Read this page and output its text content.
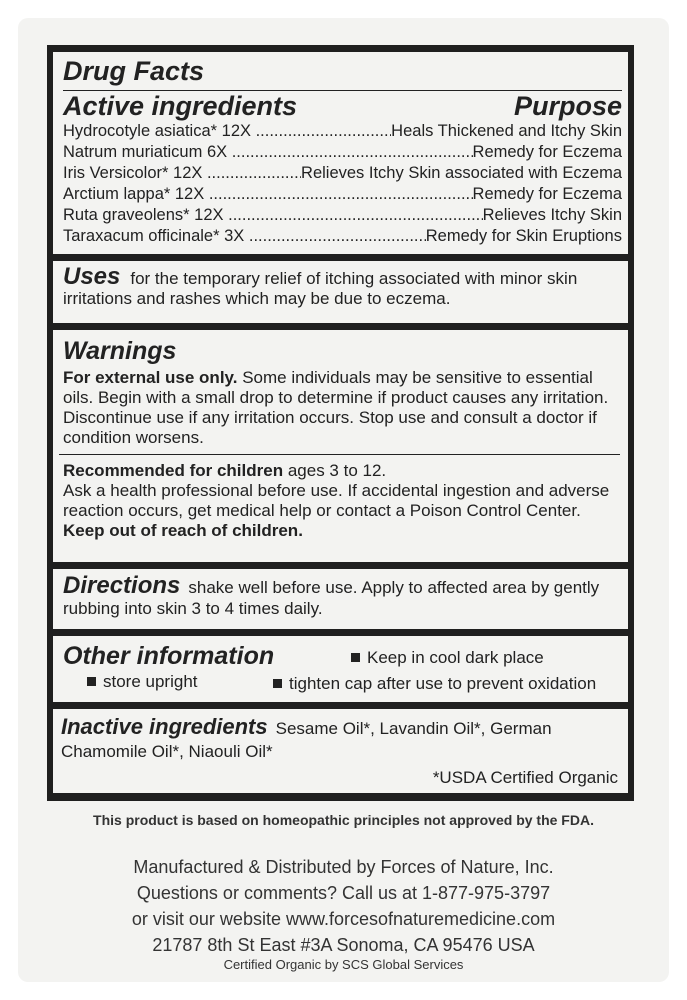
Drug Facts
Active ingredients	Purpose
Hydrocotyle asiatica* 12X .....	Heals Thickened and Itchy Skin
Natrum muriaticum 6X .....	Remedy for Eczema
Iris Versicolor* 12X .....	Relieves Itchy Skin associated with Eczema
Arctium lappa* 12X .....	Remedy for Eczema
Ruta graveolens* 12X .....	Relieves Itchy Skin
Taraxacum officinale* 3X .....	Remedy for Skin Eruptions
Uses for the temporary relief of itching associated with minor skin irritations and rashes which may be due to eczema.
Warnings
For external use only. Some individuals may be sensitive to essential oils. Begin with a small drop to determine if product causes any irritation. Discontinue use if any irritation occurs. Stop use and consult a doctor if condition worsens.
Recommended for children ages 3 to 12.
Ask a health professional before use. If accidental ingestion and adverse reaction occurs, get medical help or contact a Poison Control Center. Keep out of reach of children.
Directions shake well before use. Apply to affected area by gently rubbing into skin 3 to 4 times daily.
Other information	Keep in cool dark place
store upright	tighten cap after use to prevent oxidation
Inactive ingredients Sesame Oil*, Lavandin Oil*, German Chamomile Oil*, Niaouli Oil*
*USDA Certified Organic
This product is based on homeopathic principles not approved by the FDA.
Manufactured & Distributed by Forces of Nature, Inc.
Questions or comments? Call us at 1-877-975-3797
or visit our website www.forcesofnaturemedicine.com
21787 8th St East #3A Sonoma, CA 95476 USA
Certified Organic by SCS Global Services
